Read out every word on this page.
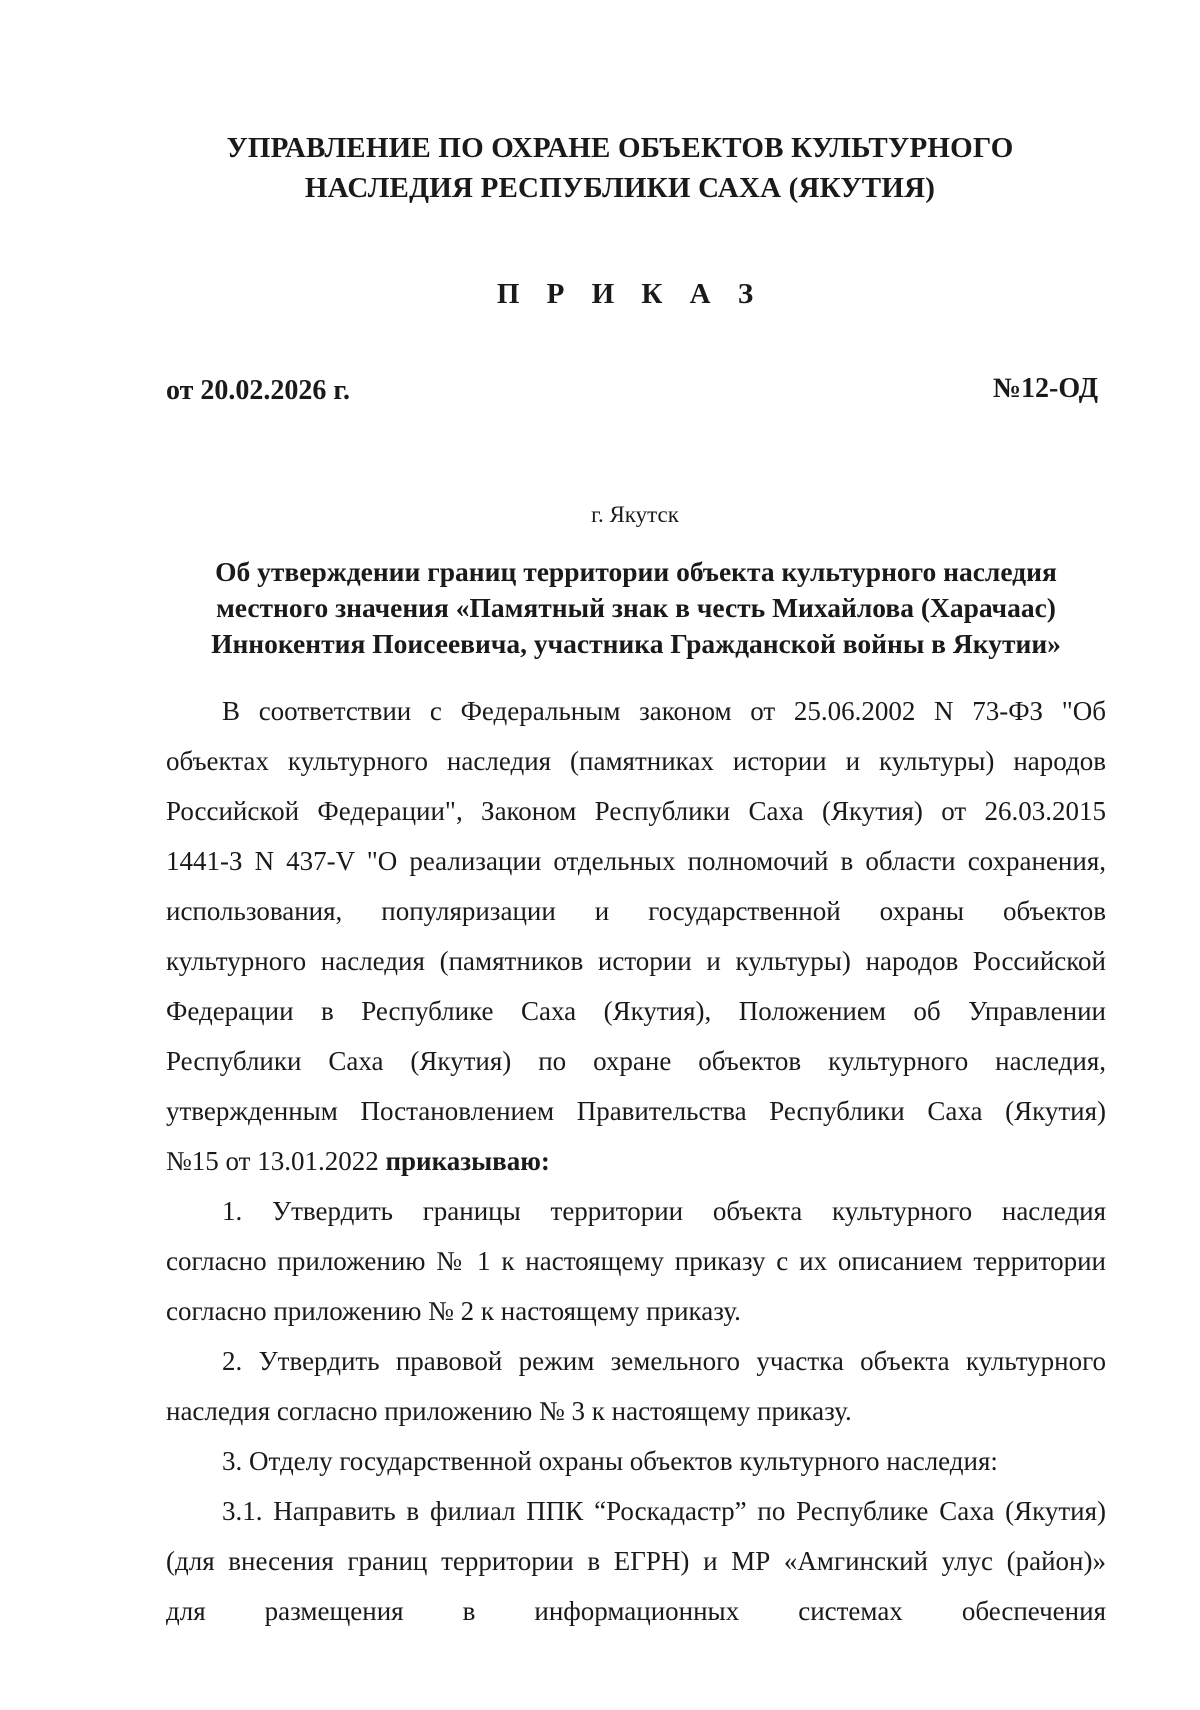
УПРАВЛЕНИЕ ПО ОХРАНЕ ОБЪЕКТОВ КУЛЬТУРНОГО
НАСЛЕДИЯ РЕСПУБЛИКИ САХА (ЯКУТИЯ)
П Р И К А З
от 20.02.2026 г.	№12-ОД
г. Якутск
Об утверждении границ территории объекта культурного наследия
местного значения «Памятный знак в честь Михайлова (Харачаас)
Иннокентия Поисеевича, участника Гражданской войны в Якутии»
В соответствии с Федеральным законом от 25.06.2002 N 73-ФЗ "Об
объектах культурного наследия (памятниках истории и культуры) народов
Российской Федерации", Законом Республики Саха (Якутия) от 26.03.2015
1441-З N 437-V "О реализации отдельных полномочий в области сохранения,
использования, популяризации и государственной охраны объектов
культурного наследия (памятников истории и культуры) народов Российской
Федерации в Республике Саха (Якутия), Положением об Управлении
Республики Саха (Якутия) по охране объектов культурного наследия,
утвержденным Постановлением Правительства Республики Саха (Якутия)
№15 от 13.01.2022 приказываю:
1. Утвердить границы территории объекта культурного наследия
согласно приложению № 1 к настоящему приказу с их описанием территории
согласно приложению № 2 к настоящему приказу.
2. Утвердить правовой режим земельного участка объекта культурного
наследия согласно приложению № 3 к настоящему приказу.
3. Отделу государственной охраны объектов культурного наследия:
3.1. Направить в филиал ППК “Роскадастр” по Республике Саха (Якутия)
(для внесения границ территории в ЕГРН) и МР «Амгинский улус (район)»
для размещения в информационных системах обеспечения
